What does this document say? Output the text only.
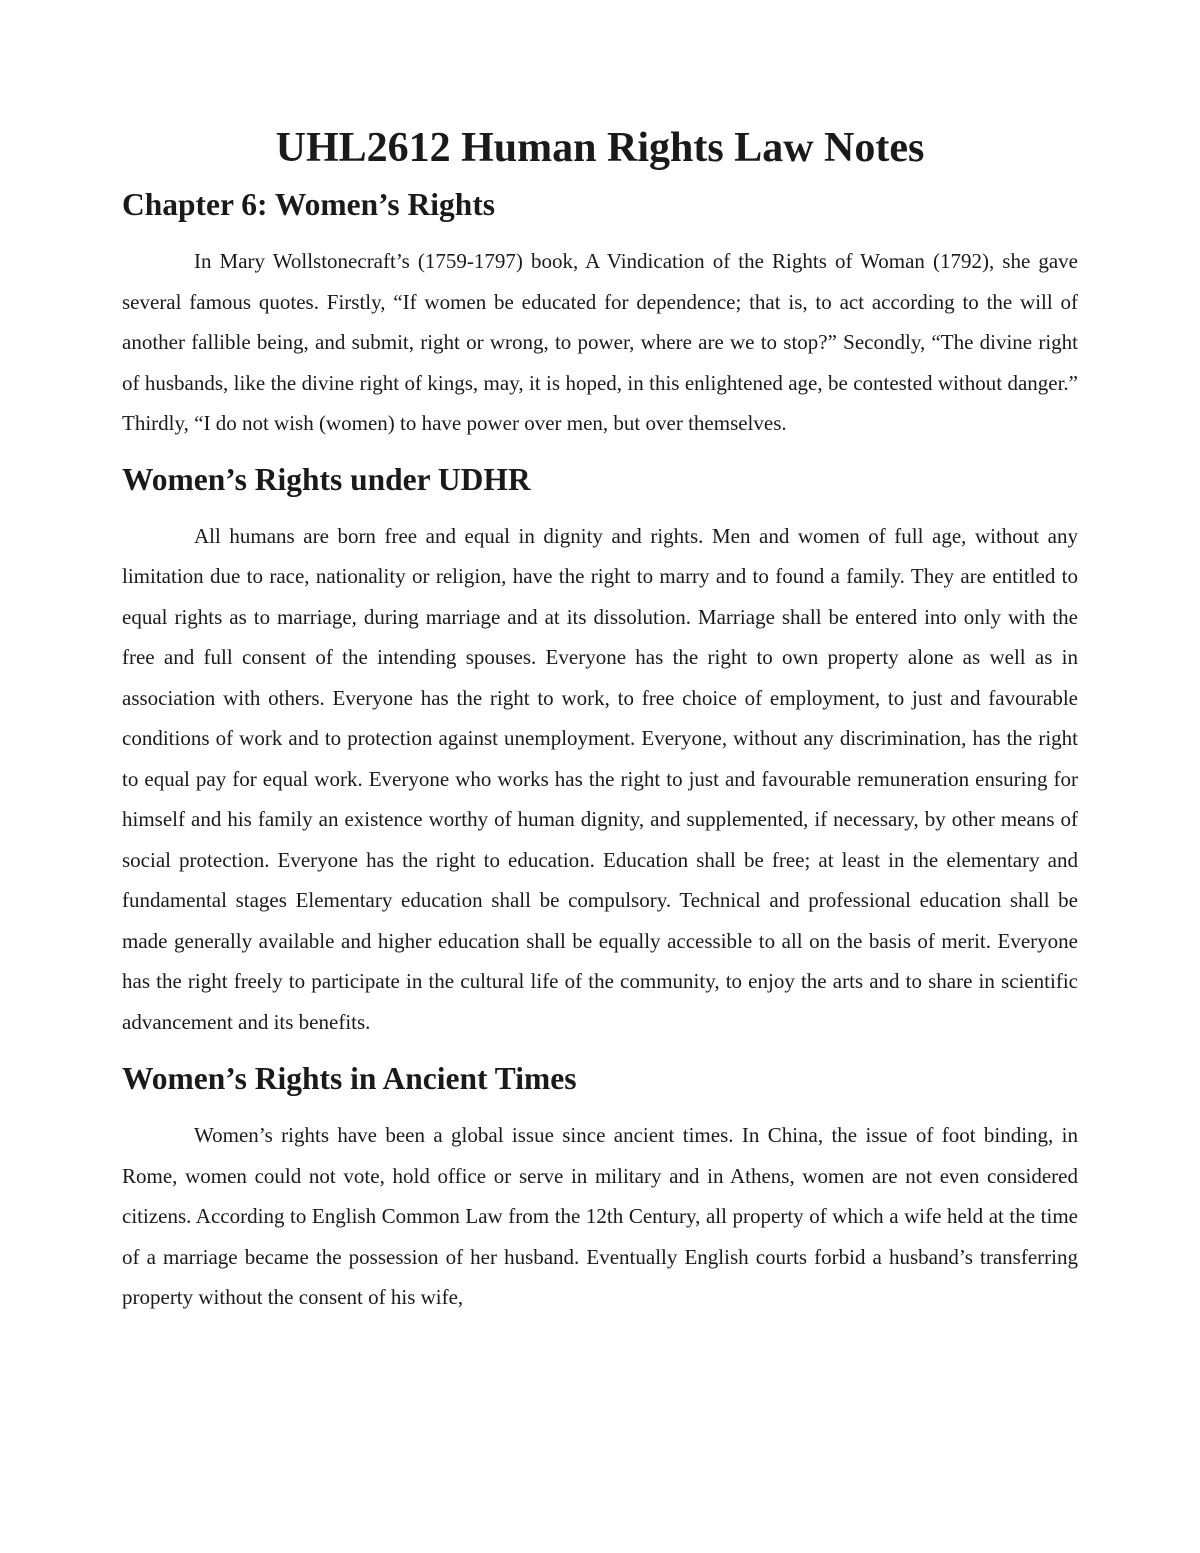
UHL2612 Human Rights Law Notes
Chapter 6: Women’s Rights

In Mary Wollstonecraft’s (1759-1797) book, A Vindication of the Rights of Woman (1792), she gave several famous quotes. Firstly, “If women be educated for dependence; that is, to act according to the will of another fallible being, and submit, right or wrong, to power, where are we to stop?” Secondly, “The divine right of husbands, like the divine right of kings, may, it is hoped, in this enlightened age, be contested without danger.” Thirdly, “I do not wish (women) to have power over men, but over themselves.

Women’s Rights under UDHR

All humans are born free and equal in dignity and rights. Men and women of full age, without any limitation due to race, nationality or religion, have the right to marry and to found a family. They are entitled to equal rights as to marriage, during marriage and at its dissolution. Marriage shall be entered into only with the free and full consent of the intending spouses. Everyone has the right to own property alone as well as in association with others. Everyone has the right to work, to free choice of employment, to just and favourable conditions of work and to protection against unemployment. Everyone, without any discrimination, has the right to equal pay for equal work. Everyone who works has the right to just and favourable remuneration ensuring for himself and his family an existence worthy of human dignity, and supplemented, if necessary, by other means of social protection. Everyone has the right to education. Education shall be free; at least in the elementary and fundamental stages Elementary education shall be compulsory. Technical and professional education shall be made generally available and higher education shall be equally accessible to all on the basis of merit. Everyone has the right freely to participate in the cultural life of the community, to enjoy the arts and to share in scientific advancement and its benefits.

Women’s Rights in Ancient Times

Women’s rights have been a global issue since ancient times. In China, the issue of foot binding, in Rome, women could not vote, hold office or serve in military and in Athens, women are not even considered citizens. According to English Common Law from the 12th Century, all property of which a wife held at the time of a marriage became the possession of her husband. Eventually English courts forbid a husband’s transferring property without the consent of his wife,
